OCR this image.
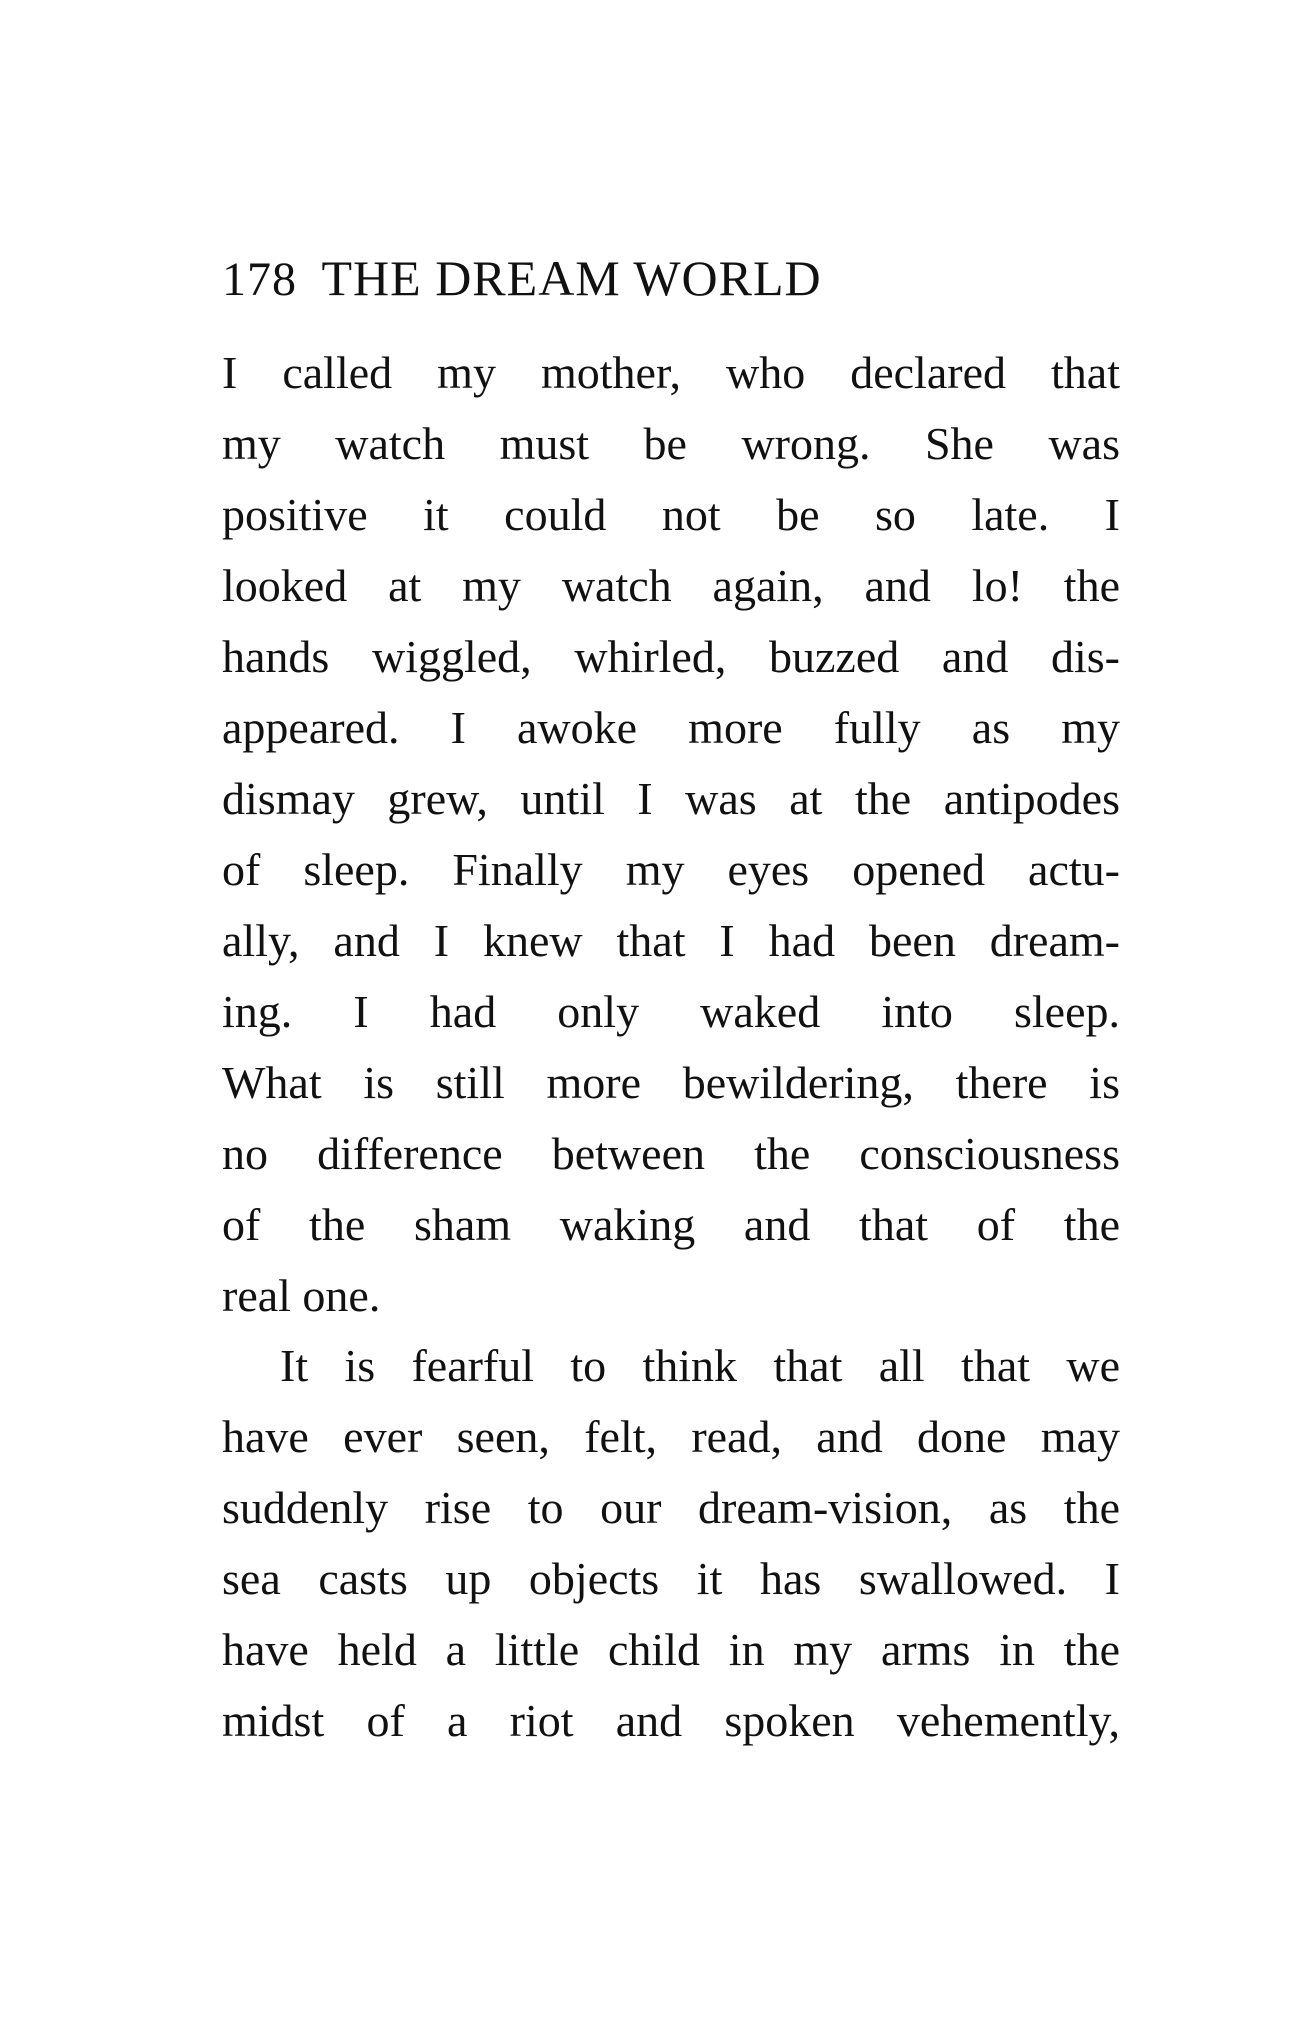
178 THE DREAM WORLD
I called my mother, who declared that
my watch must be wrong. She was
positive it could not be so late. I
looked at my watch again, and lo! the
hands wiggled, whirled, buzzed and dis-
appeared. I awoke more fully as my
dismay grew, until I was at the antipodes
of sleep. Finally my eyes opened actu-
ally, and I knew that I had been dream-
ing. I had only waked into sleep.
What is still more bewildering, there is
no difference between the consciousness
of the sham waking and that of the
real one.
It is fearful to think that all that we
have ever seen, felt, read, and done may
suddenly rise to our dream-vision, as the
sea casts up objects it has swallowed. I
have held a little child in my arms in the
midst of a riot and spoken vehemently,
